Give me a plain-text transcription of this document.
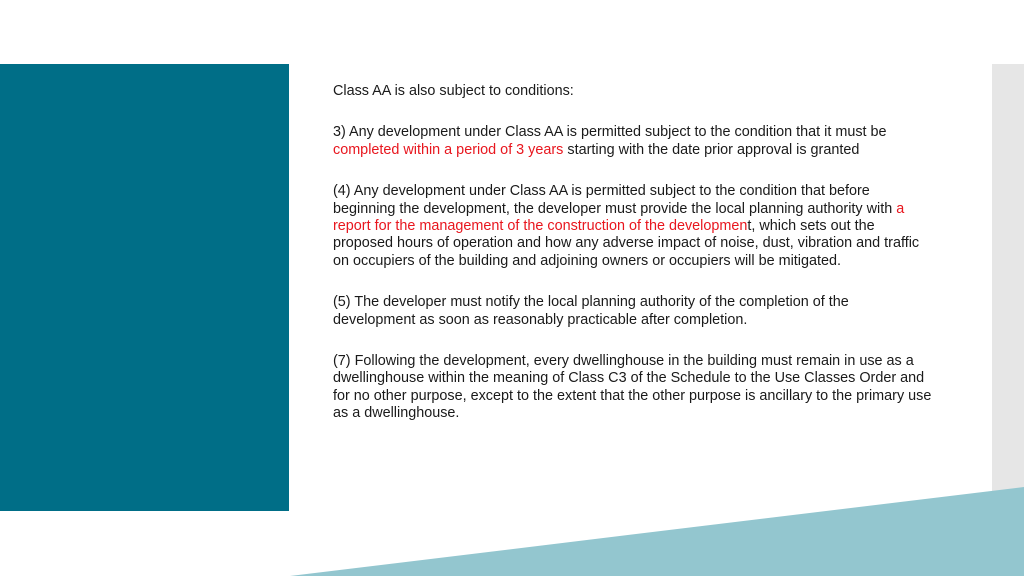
Class AA is also subject to conditions:

3) Any development under Class AA is permitted subject to the condition that it must be completed within a period of 3 years starting with the date prior approval is granted

(4) Any development under Class AA is permitted subject to the condition that before beginning the development, the developer must provide the local planning authority with a report for the management of the construction of the development, which sets out the proposed hours of operation and how any adverse impact of noise, dust, vibration and traffic on occupiers of the building and adjoining owners or occupiers will be mitigated.

(5) The developer must notify the local planning authority of the completion of the development as soon as reasonably practicable after completion.

(7) Following the development, every dwellinghouse in the building must remain in use as a dwellinghouse within the meaning of Class C3 of the Schedule to the Use Classes Order and for no other purpose, except to the extent that the other purpose is ancillary to the primary use as a dwellinghouse.
